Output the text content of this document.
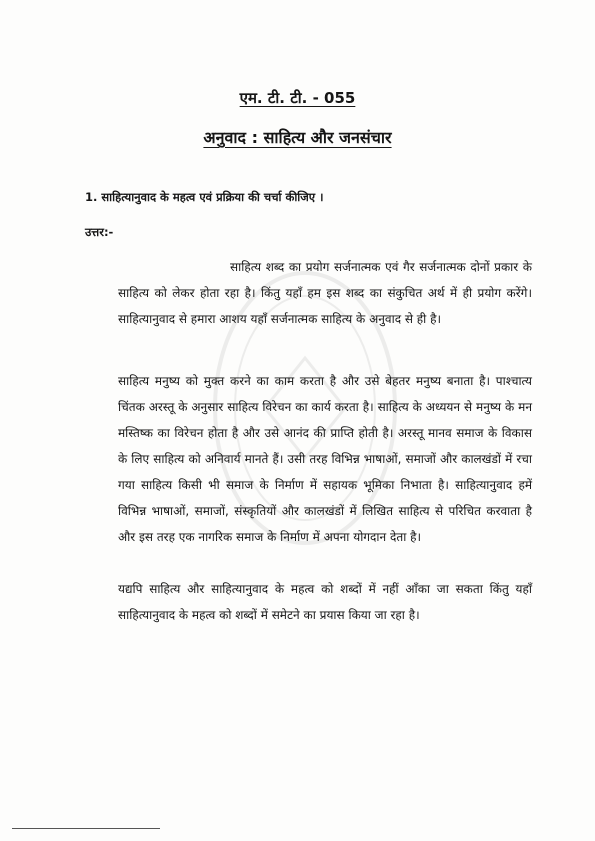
एम. टी. टी. - 055
अनुवाद : साहित्य और जनसंचार
1. साहित्यानुवाद के महत्व एवं प्रक्रिया की चर्चा कीजिए ।
उत्तर:-

साहित्य शब्द का प्रयोग सर्जनात्मक एवं गैर सर्जनात्मक दोनों प्रकार के साहित्य को लेकर होता रहा है। किंतु यहाँ हम इस शब्द का संकुचित अर्थ में ही प्रयोग करेंगे। साहित्यानुवाद से हमारा आशय यहाँ सर्जनात्मक साहित्य के अनुवाद से ही है।

साहित्य मनुष्य को मुक्त करने का काम करता है और उसे बेहतर मनुष्य बनाता है। पाश्चात्य चिंतक अरस्तू के अनुसार साहित्य विरेचन का कार्य करता है। साहित्य के अध्ययन से मनुष्य के मन मस्तिष्क का विरेचन होता है और उसे आनंद की प्राप्ति होती है। अरस्तू मानव समाज के विकास के लिए साहित्य को अनिवार्य मानते हैं। उसी तरह विभिन्न भाषाओं, समाजों और कालखंडों में रचा गया साहित्य किसी भी समाज के निर्माण में सहायक भूमिका निभाता है। साहित्यानुवाद हमें विभिन्न भाषाओं, समाजों, संस्कृतियों और कालखंडों में लिखित साहित्य से परिचित करवाता है और इस तरह एक नागरिक समाज के निर्माण में अपना योगदान देता है।

यद्यपि साहित्य और साहित्यानुवाद के महत्व को शब्दों में नहीं आँका जा सकता किंतु यहाँ साहित्यानुवाद के महत्व को शब्दों में समेटने का प्रयास किया जा रहा है।
